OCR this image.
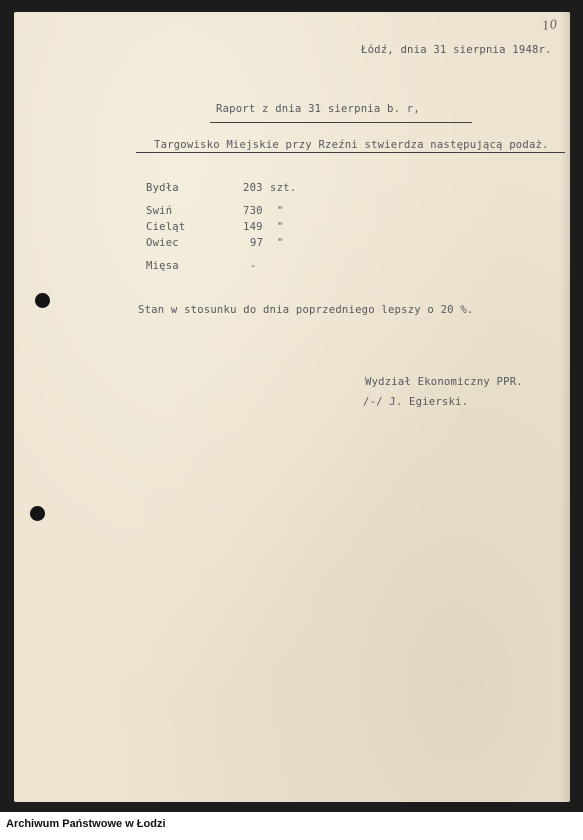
10
Łódź, dnia 31 sierpnia 1948r.
Raport z dnia 31 sierpnia b. r,
Targowisko Miejskie przy Rzeźni stwierdza następującą podaż.
Bydła	203 szt.
Swiń	730 "
Cieląt	149 "
Owiec	97 "
Mięsa	-
Stan w stosunku do dnia poprzedniego lepszy o 20 %.
Wydział Ekonomiczny PPR.
/-/ J. Egierski.
Archiwum Państwowe w Łodzi
